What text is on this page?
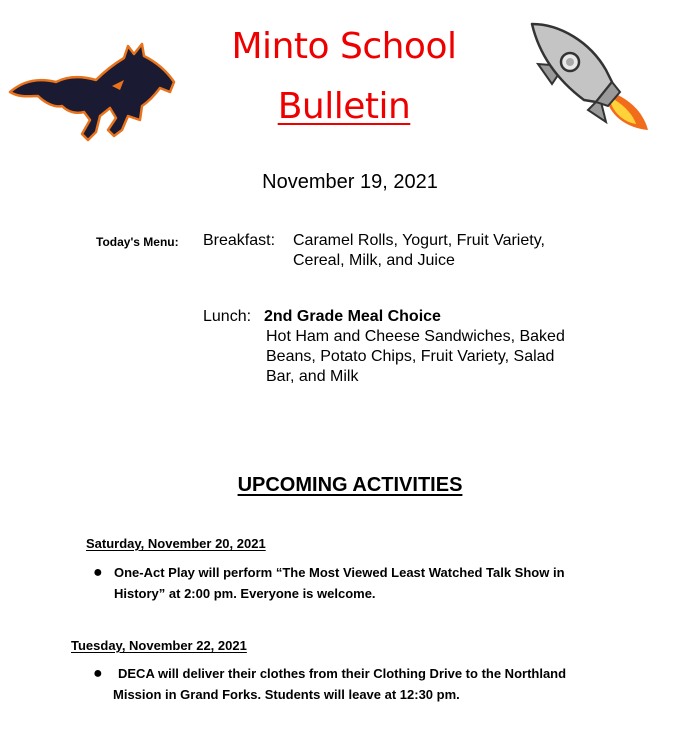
Minto School
Bulletin
November 19, 2021
Today's Menu: Breakfast: Caramel Rolls, Yogurt, Fruit Variety,
Cereal, Milk, and Juice
Lunch: 2nd Grade Meal Choice
Hot Ham and Cheese Sandwiches, Baked
Beans, Potato Chips, Fruit Variety, Salad
Bar, and Milk
UPCOMING ACTIVITIES
Saturday, November 20, 2021
● One-Act Play will perform “The Most Viewed Least Watched Talk Show in
History” at 2:00 pm. Everyone is welcome.
Tuesday, November 22, 2021
● DECA will deliver their clothes from their Clothing Drive to the Northland
Mission in Grand Forks. Students will leave at 12:30 pm.
